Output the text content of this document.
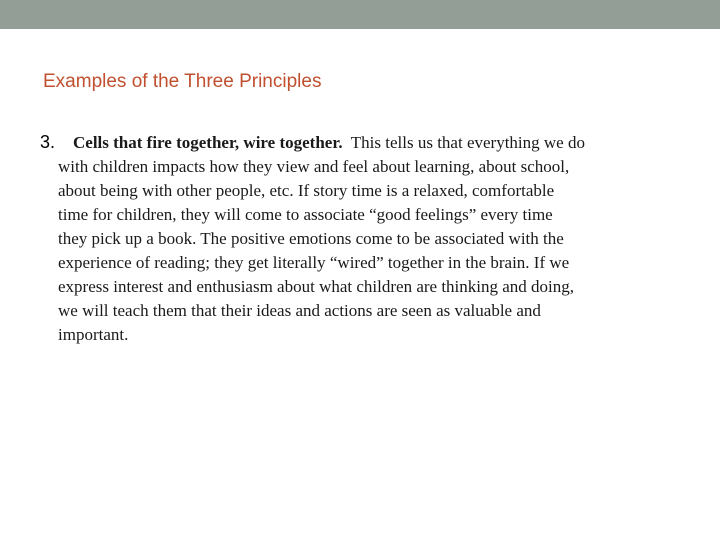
Examples of the Three Principles
3.	Cells that fire together, wire together. This tells us that everything we do
with children impacts how they view and feel about learning, about school,
about being with other people, etc. If story time is a relaxed, comfortable
time for children, they will come to associate “good feelings” every time
they pick up a book. The positive emotions come to be associated with the
experience of reading; they get literally “wired” together in the brain. If we
express interest and enthusiasm about what children are thinking and doing,
we will teach them that their ideas and actions are seen as valuable and
important.
